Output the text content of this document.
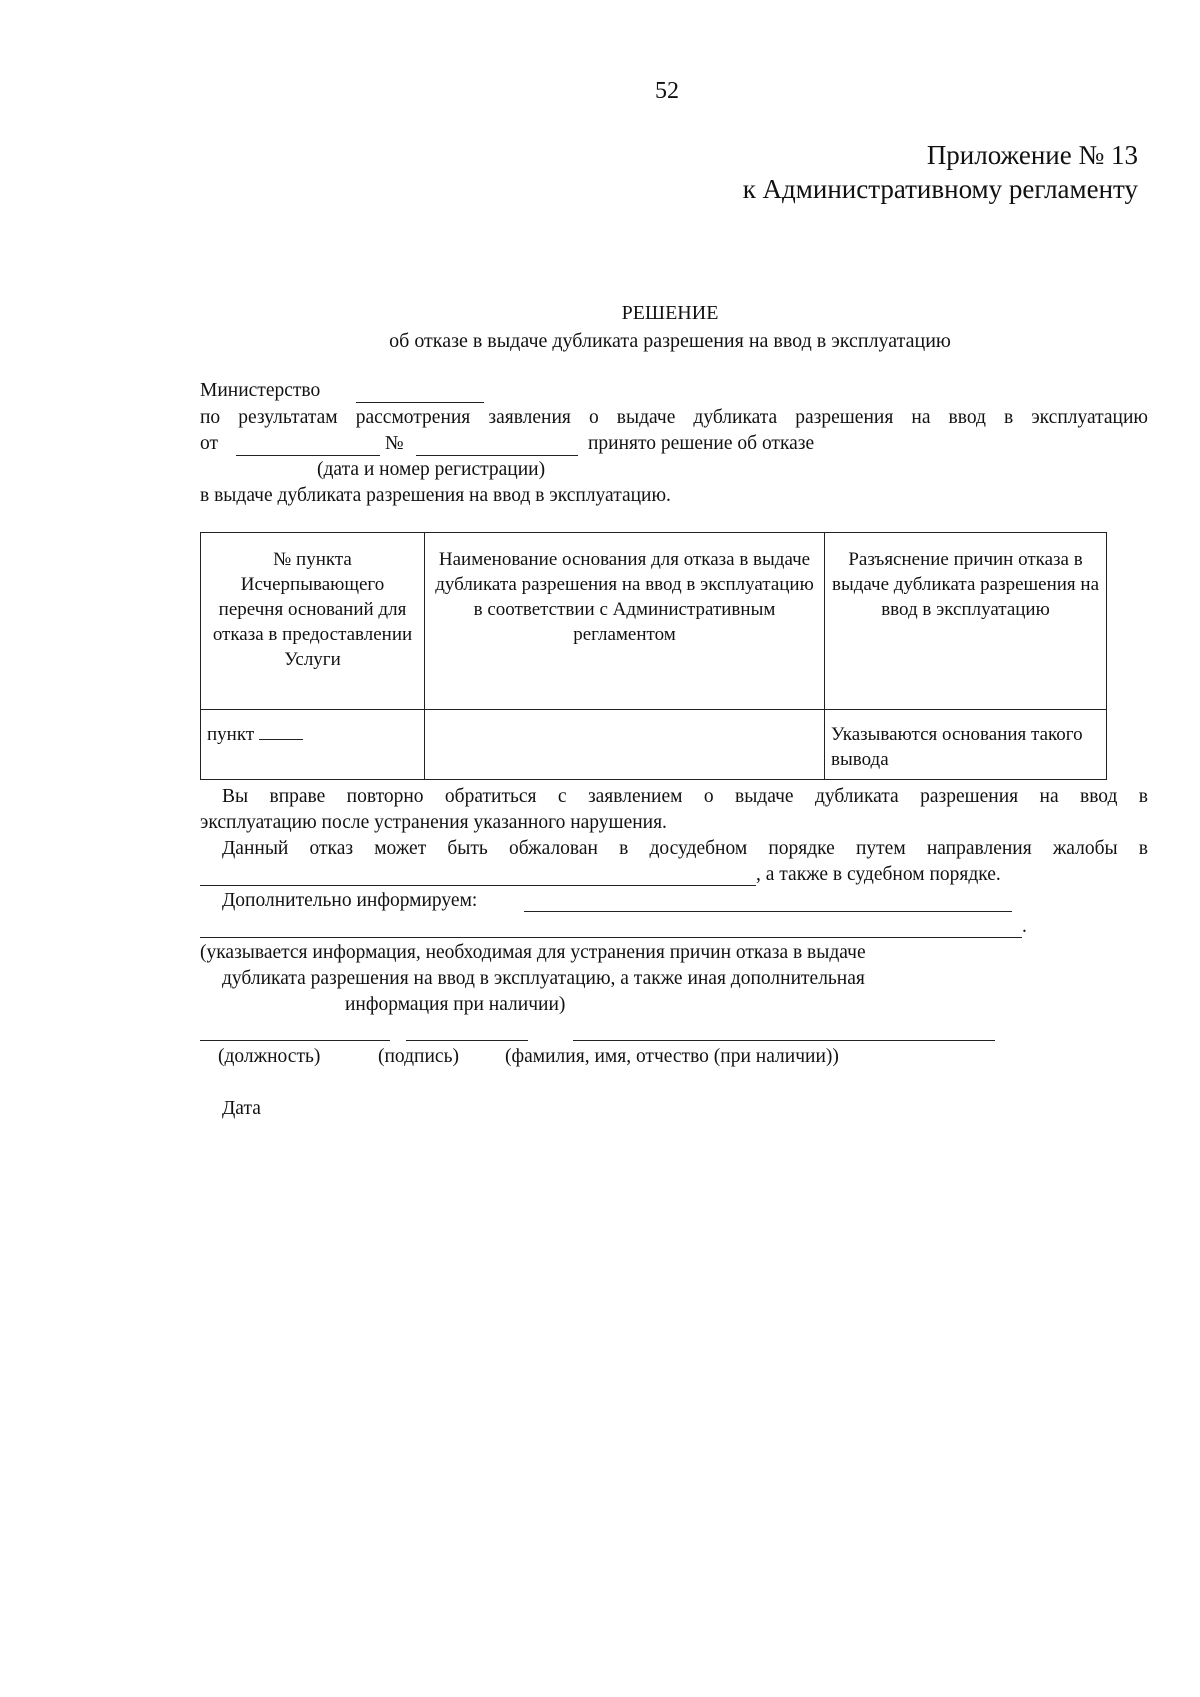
52
Приложение № 13
к Административному регламенту
РЕШЕНИЕ
об отказе в выдаче дубликата разрешения на ввод в эксплуатацию
Министерство
по результатам рассмотрения заявления о выдаче дубликата разрешения на ввод в эксплуатацию
от	№	принято решение об отказе
(дата и номер регистрации)
в выдаче дубликата разрешения на ввод в эксплуатацию.
№ пункта Исчерпывающего перечня оснований для отказа в предоставлении Услуги	Наименование основания для отказа в выдаче дубликата разрешения на ввод в эксплуатацию в соответствии с Административным регламентом	Разъяснение причин отказа в выдаче дубликата разрешения на ввод в эксплуатацию
пункт		Указываются основания такого вывода
Вы вправе повторно обратиться с заявлением о выдаче дубликата разрешения на ввод в
эксплуатацию после устранения указанного нарушения.
Данный отказ может быть обжалован в досудебном порядке путем направления жалобы в
, а также в судебном порядке.
Дополнительно информируем:
.
(указывается информация, необходимая для устранения причин отказа в выдаче
дубликата разрешения на ввод в эксплуатацию, а также иная дополнительная
информация при наличии)
(должность)	(подпись) (фамилия, имя, отчество (при наличии))
Дата
